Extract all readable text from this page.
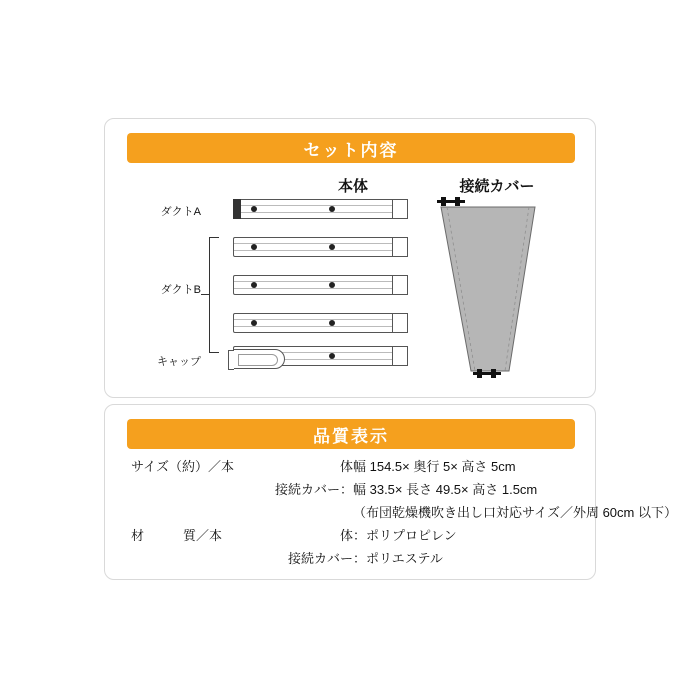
セット内容
本体	接続カバー
ダクトA
ダクトB
キャップ
品質表示
サイズ（約）／本	体 幅 154.5× 奥行 5× 高さ 5cm
接続カバー： 幅 33.5× 長さ 49.5× 高さ 1.5cm
（布団乾燥機吹き出し口対応サイズ／外周 60cm 以下）
材　　　質／本	体 ：ポリプロピレン
接続カバー ：ポリエステル
